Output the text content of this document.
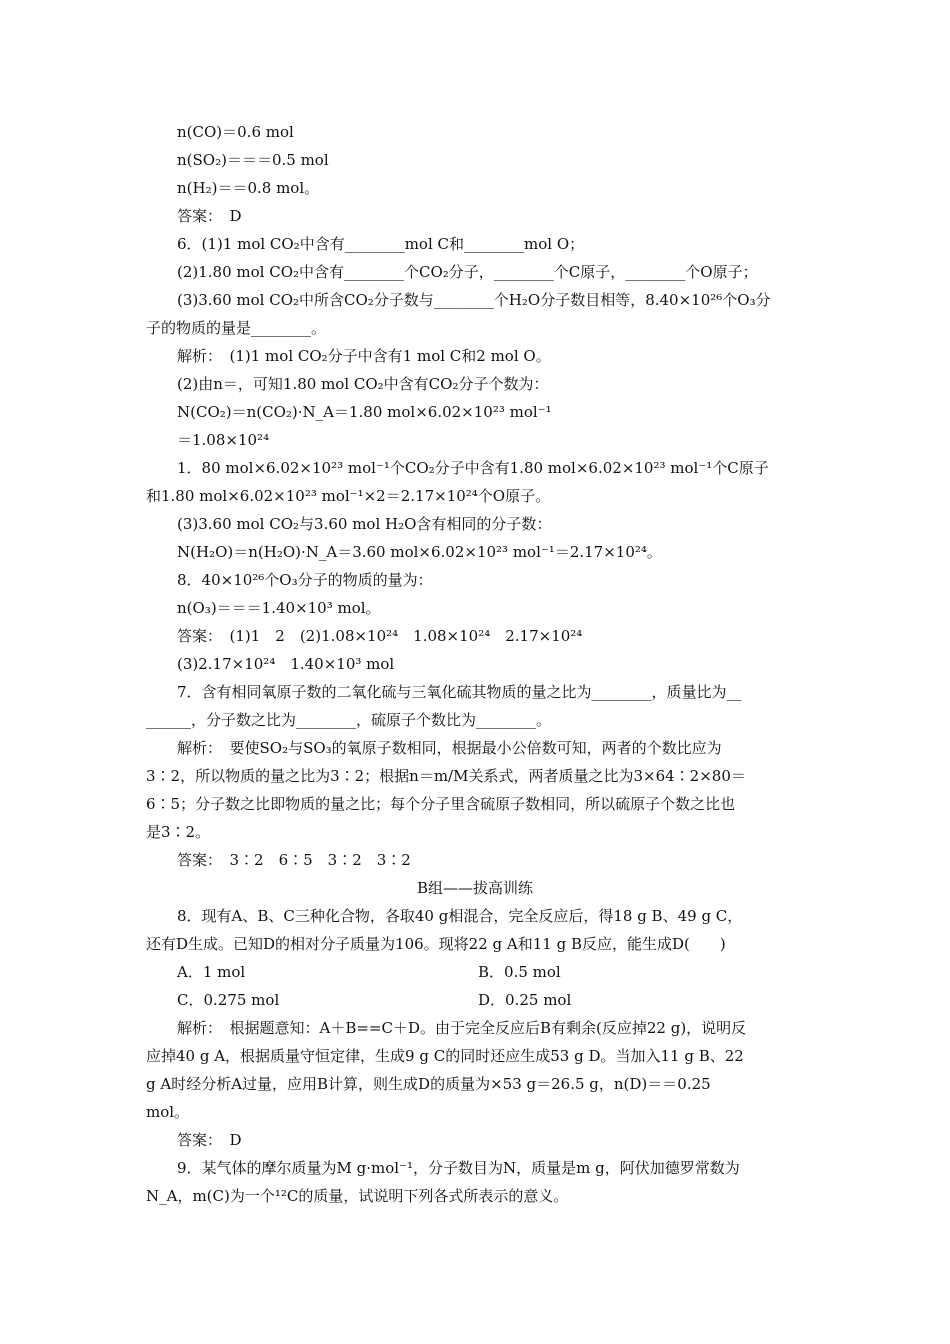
n(CO)＝0.6 mol
n(SO₂)＝＝＝0.5 mol
n(H₂)＝＝0.8 mol。
答案：　D
6．(1)1 mol CO₂中含有________mol C和________mol O；
(2)1.80 mol CO₂中含有________个CO₂分子，________个C原子，________个O原子；
(3)3.60 mol CO₂中所含CO₂分子数与________个H₂O分子数目相等，8.40×10²⁶个O₃分
子的物质的量是________。
解析：　(1)1 mol CO₂分子中含有1 mol C和2 mol O。
(2)由n＝，可知1.80 mol CO₂中含有CO₂分子个数为：
N(CO₂)＝n(CO₂)·N_A＝1.80 mol×6.02×10²³ mol⁻¹
＝1.08×10²⁴
1．80 mol×6.02×10²³ mol⁻¹个CO₂分子中含有1.80 mol×6.02×10²³ mol⁻¹个C原子
和1.80 mol×6.02×10²³ mol⁻¹×2＝2.17×10²⁴个O原子。
(3)3.60 mol CO₂与3.60 mol H₂O含有相同的分子数：
N(H₂O)＝n(H₂O)·N_A＝3.60 mol×6.02×10²³ mol⁻¹＝2.17×10²⁴。
8．40×10²⁶个O₃分子的物质的量为：
n(O₃)＝＝＝1.40×10³ mol。
答案：　(1)1　2　(2)1.08×10²⁴　1.08×10²⁴　2.17×10²⁴
(3)2.17×10²⁴　1.40×10³ mol
7．含有相同氧原子数的二氧化硫与三氧化硫其物质的量之比为________，质量比为__
______，分子数之比为________，硫原子个数比为________。
解析：　要使SO₂与SO₃的氧原子数相同，根据最小公倍数可知，两者的个数比应为
3∶2，所以物质的量之比为3∶2；根据n＝m/M关系式，两者质量之比为3×64∶2×80＝
6∶5；分子数之比即物质的量之比；每个分子里含硫原子数相同，所以硫原子个数之比也
是3∶2。
答案：　3∶2　6∶5　3∶2　3∶2
B组——拔高训练
8．现有A、B、C三种化合物，各取40 g相混合，完全反应后，得18 g B、49 g C，
还有D生成。已知D的相对分子质量为106。现将22 g A和11 g B反应，能生成D(　　)
A．1 mol	B．0.5 mol
C．0.275 mol	D．0.25 mol
解析：　根据题意知：A＋B==C＋D。由于完全反应后B有剩余(反应掉22 g)，说明反
应掉40 g A，根据质量守恒定律，生成9 g C的同时还应生成53 g D。当加入11 g B、22
g A时经分析A过量，应用B计算，则生成D的质量为×53 g＝26.5 g，n(D)＝＝0.25
mol。
答案：　D
9．某气体的摩尔质量为M g·mol⁻¹，分子数目为N，质量是m g，阿伏加德罗常数为
N_A，m(C)为一个¹²C的质量，试说明下列各式所表示的意义。
